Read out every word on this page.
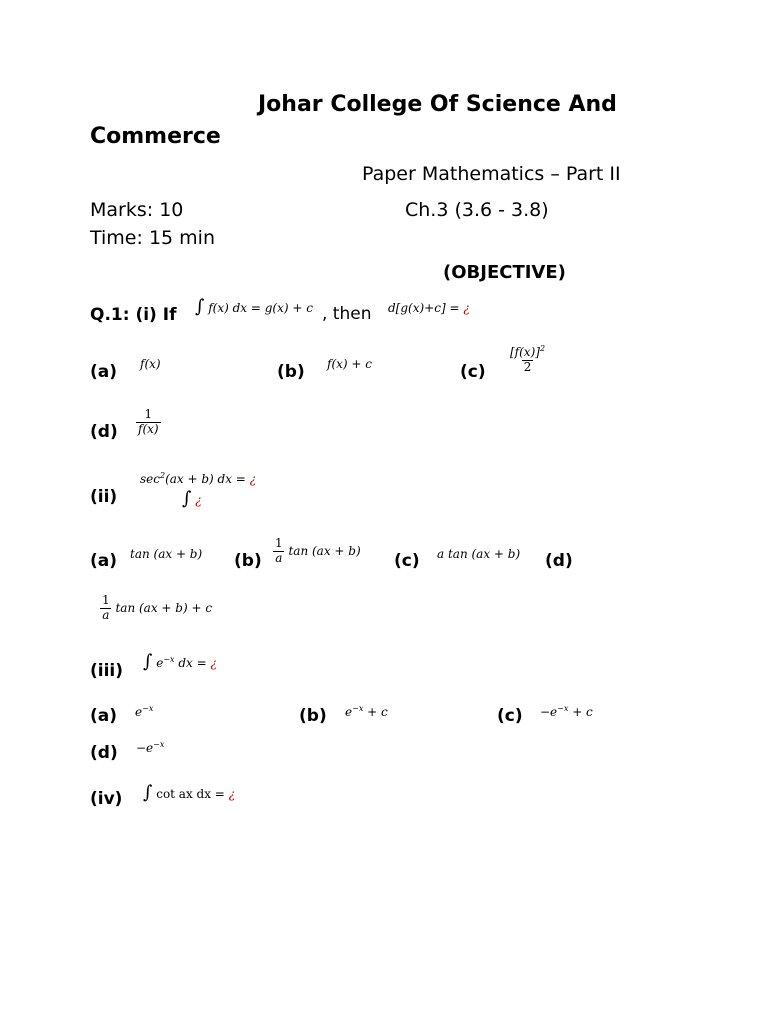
Johar College Of Science And
Commerce
Paper Mathematics – Part II
Marks: 10	Ch.3 (3.6 - 3.8)
Time: 15 min
(OBJECTIVE)
Q.1: (i) If ∫ f(x) dx = g(x) + c , then d[g(x)+c] = ¿
(a) f(x)	(b) f(x) + c	$(c) \frac{[f(x)]^2}{2}$
$(d) \frac{1}{f(x)}$
(ii)
$\sec^2(ax + b)$ dx = ¿
∫ ¿
(a) tan (ax + b) $(b) \frac{1}{a}$ tan (ax + b)
(c) a tan (ax + b) (d)
$\frac{1}{a}$ tan (ax + b) + c
(iii) ∫ $e^{-x}$ dx = ¿
(a) $e^{-x}$	(b) $e^{-x} + c$	$(c) -e^{-x} + c$
$(d) -e^{-x}$
(iv) ∫ cot ax dx = ¿
